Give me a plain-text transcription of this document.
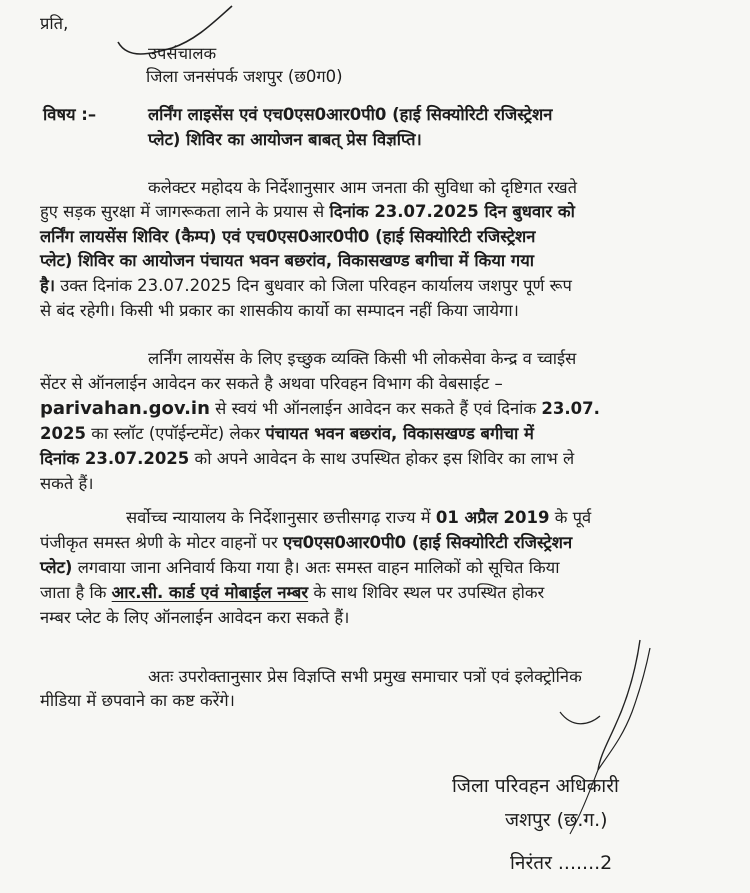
प्रति,
उपसंचालक
जिला जनसंपर्क जशपुर (छ0ग0)
विषय :–	लर्निंग लाइसेंस एवं एच0एस0आर0पी0 (हाई सिक्योरिटी रजिस्ट्रेशन
प्लेट) शिविर का आयोजन बाबत् प्रेस विज्ञप्ति।
कलेक्टर महोदय के निर्देशानुसार आम जनता की सुविधा को दृष्टिगत रखते
हुए सड़क सुरक्षा में जागरूकता लाने के प्रयास से दिनांक 23.07.2025 दिन बुधवार को
लर्निंग लायसेंस शिविर (कैम्प) एवं एच0एस0आर0पी0 (हाई सिक्योरिटी रजिस्ट्रेशन
प्लेट) शिविर का आयोजन पंचायत भवन बछरांव, विकासखण्ड बगीचा में किया गया
है। उक्त दिनांक 23.07.2025 दिन बुधवार को जिला परिवहन कार्यालय जशपुर पूर्ण रूप
से बंद रहेगी। किसी भी प्रकार का शासकीय कार्यो का सम्पादन नहीं किया जायेगा।
लर्निंग लायसेंस के लिए इच्छुक व्यक्ति किसी भी लोकसेवा केन्द्र व च्वाईस
सेंटर से ऑनलाईन आवेदन कर सकते है अथवा परिवहन विभाग की वेबसाईट –
parivahan.gov.in से स्वयं भी ऑनलाईन आवेदन कर सकते हैं एवं दिनांक 23.07.
2025 का स्लॉट (एपॉईन्टमेंट) लेकर पंचायत भवन बछरांव, विकासखण्ड बगीचा में
दिनांक 23.07.2025 को अपने आवेदन के साथ उपस्थित होकर इस शिविर का लाभ ले
सकते हैं।
सर्वोच्च न्यायालय के निर्देशानुसार छत्तीसगढ़ राज्य में 01 अप्रैल 2019 के पूर्व
पंजीकृत समस्त श्रेणी के मोटर वाहनों पर एच0एस0आर0पी0 (हाई सिक्योरिटी रजिस्ट्रेशन
प्लेट) लगवाया जाना अनिवार्य किया गया है। अतः समस्त वाहन मालिकों को सूचित किया
जाता है कि आर.सी. कार्ड एवं मोबाईल नम्बर के साथ शिविर स्थल पर उपस्थित होकर
नम्बर प्लेट के लिए ऑनलाईन आवेदन करा सकते हैं।
अतः उपरोक्तानुसार प्रेस विज्ञप्ति सभी प्रमुख समाचार पत्रों एवं इलेक्ट्रोनिक
मीडिया में छपवाने का कष्ट करेंगे।
जिला परिवहन अधिकारी
जशपुर (छ.ग.)
निरंतर .......2
